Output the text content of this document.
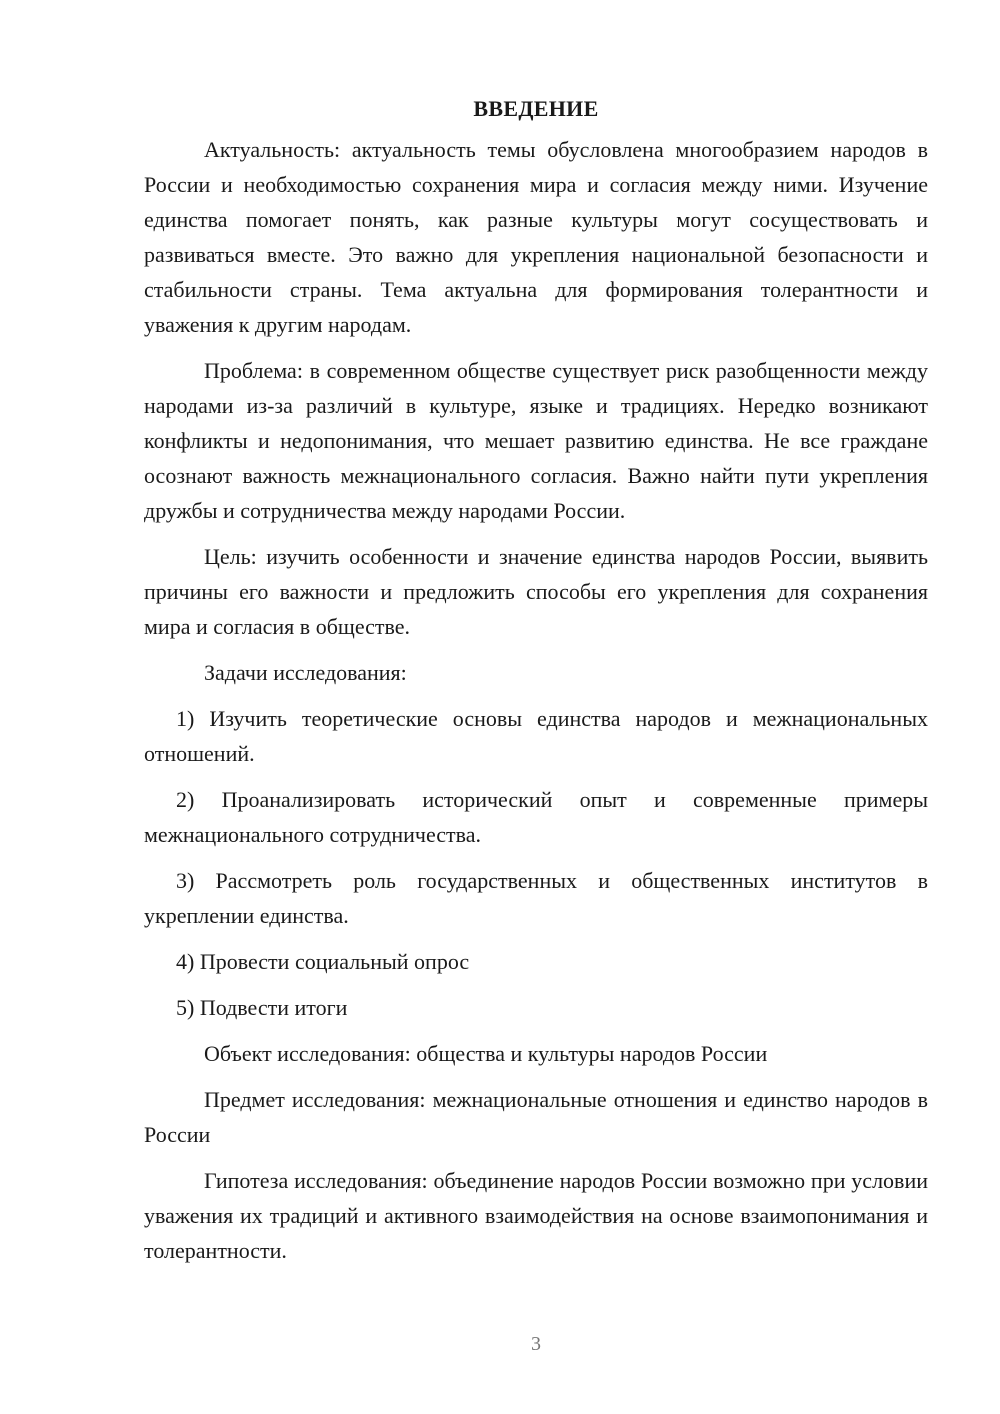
ВВЕДЕНИЕ

Актуальность: актуальность темы обусловлена многообразием народов в России и необходимостью сохранения мира и согласия между ними. Изучение единства помогает понять, как разные культуры могут сосуществовать и развиваться вместе. Это важно для укрепления национальной безопасности и стабильности страны. Тема актуальна для формирования толерантности и уважения к другим народам.

Проблема: в современном обществе существует риск разобщенности между народами из-за различий в культуре, языке и традициях. Нередко возникают конфликты и недопонимания, что мешает развитию единства. Не все граждане осознают важность межнационального согласия. Важно найти пути укрепления дружбы и сотрудничества между народами России.

Цель: изучить особенности и значение единства народов России, выявить причины его важности и предложить способы его укрепления для сохранения мира и согласия в обществе.

Задачи исследования:

1) Изучить теоретические основы единства народов и межнациональных отношений.

2) Проанализировать исторический опыт и современные примеры межнационального сотрудничества.

3) Рассмотреть роль государственных и общественных институтов в укреплении единства.

4) Провести социальный опрос

5) Подвести итоги

Объект исследования: общества и культуры народов России

Предмет исследования: межнациональные отношения и единство народов в России

Гипотеза исследования: объединение народов России возможно при условии уважения их традиций и активного взаимодействия на основе взаимопонимания и толерантности.

3
